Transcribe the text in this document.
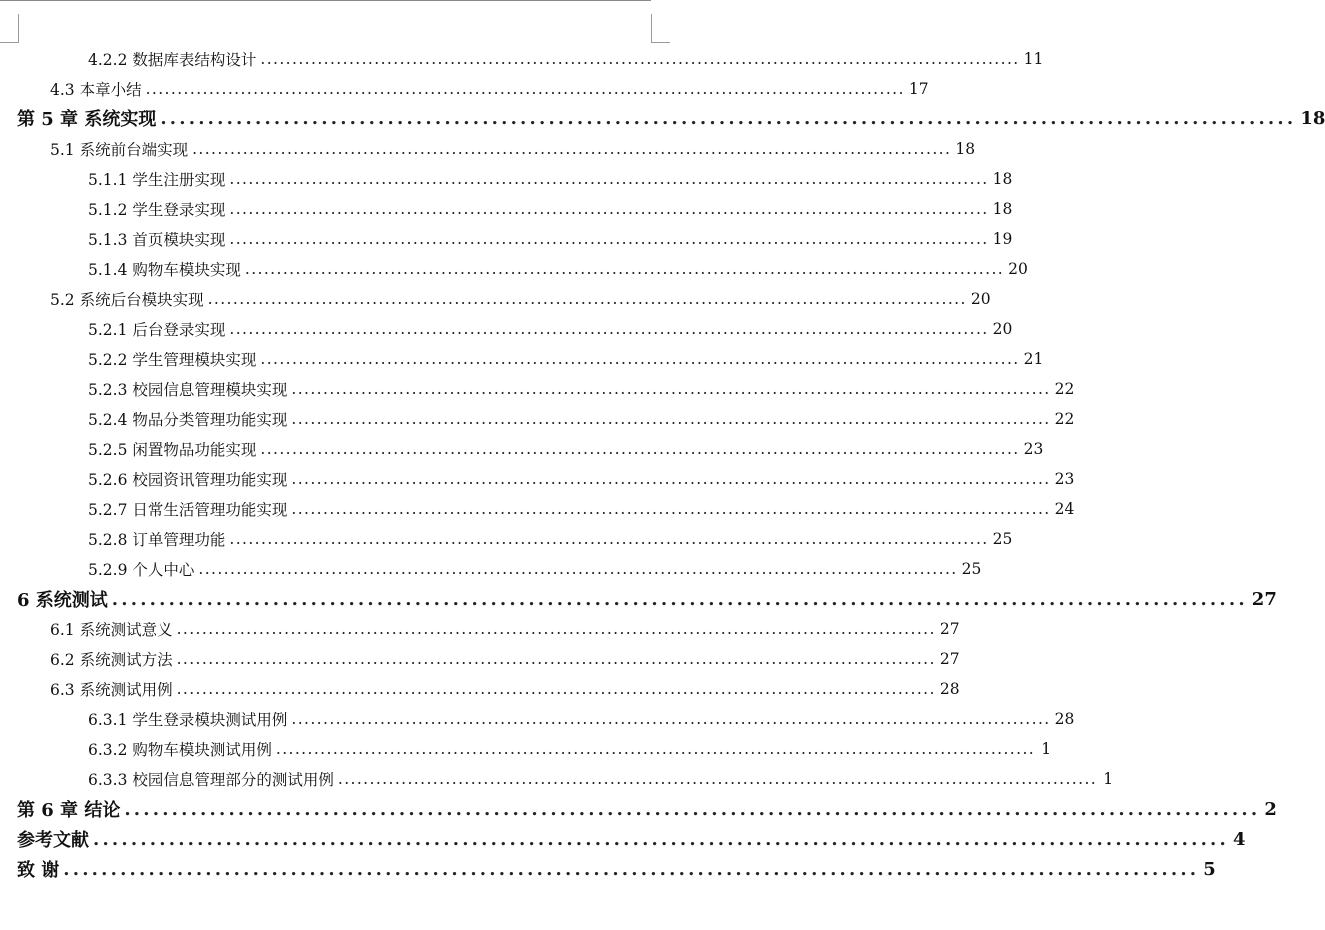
4.2.2 数据库表结构设计 ........................................................................................................................ 11
4.3 本章小结 ........................................................................................................................ 17
第 5 章 系统实现 ........................................................................................................................ 18
5.1 系统前台端实现 ........................................................................................................................ 18
5.1.1 学生注册实现 ........................................................................................................................ 18
5.1.2 学生登录实现 ........................................................................................................................ 18
5.1.3 首页模块实现 ........................................................................................................................ 19
5.1.4 购物车模块实现 ........................................................................................................................ 20
5.2 系统后台模块实现 ........................................................................................................................ 20
5.2.1 后台登录实现 ........................................................................................................................ 20
5.2.2 学生管理模块实现 ........................................................................................................................ 21
5.2.3 校园信息管理模块实现 ........................................................................................................................ 22
5.2.4 物品分类管理功能实现 ........................................................................................................................ 22
5.2.5 闲置物品功能实现 ........................................................................................................................ 23
5.2.6 校园资讯管理功能实现 ........................................................................................................................ 23
5.2.7 日常生活管理功能实现 ........................................................................................................................ 24
5.2.8 订单管理功能 ........................................................................................................................ 25
5.2.9 个人中心 ........................................................................................................................ 25
6 系统测试 ........................................................................................................................ 27
6.1 系统测试意义 ........................................................................................................................ 27
6.2 系统测试方法 ........................................................................................................................ 27
6.3 系统测试用例 ........................................................................................................................ 28
6.3.1 学生登录模块测试用例 ........................................................................................................................ 28
6.3.2 购物车模块测试用例 ........................................................................................................................ 1
6.3.3 校园信息管理部分的测试用例 ........................................................................................................................ 1
第 6 章 结论 ........................................................................................................................ 2
参考文献 ........................................................................................................................ 4
致 谢 ........................................................................................................................ 5
